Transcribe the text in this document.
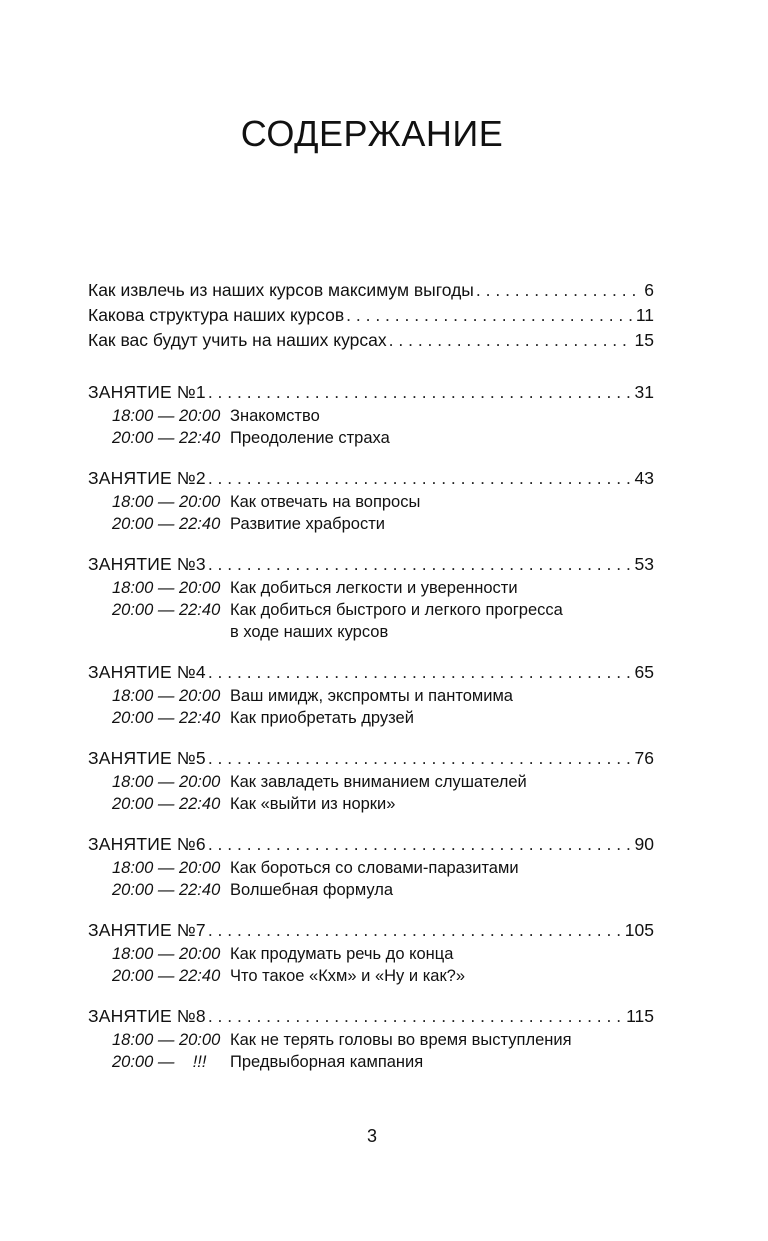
СОДЕРЖАНИЕ
Как извлечь из наших курсов максимум выгоды . . .	6
Какова структура наших курсов . . .	11
Как вас будут учить на наших курсах . . .	15
ЗАНЯТИЕ №1 . . .	31
18:00 — 20:00 Знакомство
20:00 — 22:40 Преодоление страха
ЗАНЯТИЕ №2 . . .	43
18:00 — 20:00 Как отвечать на вопросы
20:00 — 22:40 Развитие храбрости
ЗАНЯТИЕ №3 . . .	53
18:00 — 20:00 Как добиться легкости и уверенности
20:00 — 22:40 Как добиться быстрого и легкого прогресса
в ходе наших курсов
ЗАНЯТИЕ №4 . . .	65
18:00 — 20:00 Ваш имидж, экспромты и пантомима
20:00 — 22:40 Как приобретать друзей
ЗАНЯТИЕ №5 . . .	76
18:00 — 20:00 Как завладеть вниманием слушателей
20:00 — 22:40 Как «выйти из норки»
ЗАНЯТИЕ №6 . . .	90
18:00 — 20:00 Как бороться со словами-паразитами
20:00 — 22:40 Волшебная формула
ЗАНЯТИЕ №7 . . .	105
18:00 — 20:00 Как продумать речь до конца
20:00 — 22:40 Что такое «Кхм» и «Ну и как?»
ЗАНЯТИЕ №8 . . .	115
18:00 — 20:00 Как не терять головы во время выступления
20:00 —    !!!	Предвыборная кампания
3
